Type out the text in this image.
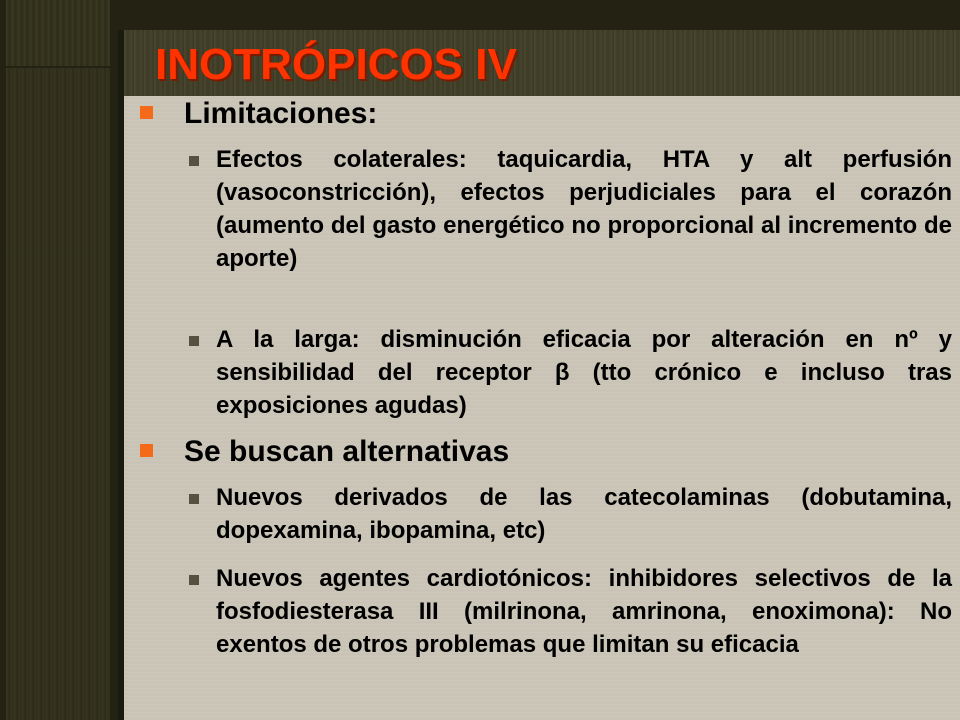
INOTRÓPICOS IV
Limitaciones:
Efectos colaterales: taquicardia, HTA y alt perfusión (vasoconstricción), efectos perjudiciales para el corazón (aumento del gasto energético no proporcional al incremento de aporte)
A la larga: disminución eficacia por alteración en nº y sensibilidad del receptor β (tto crónico e incluso tras exposiciones agudas)
Se buscan alternativas
Nuevos derivados de las catecolaminas (dobutamina, dopexamina, ibopamina, etc)
Nuevos agentes cardiotónicos: inhibidores selectivos de la fosfodiesterasa III (milrinona, amrinona, enoximona): No exentos de otros problemas que limitan su eficacia
